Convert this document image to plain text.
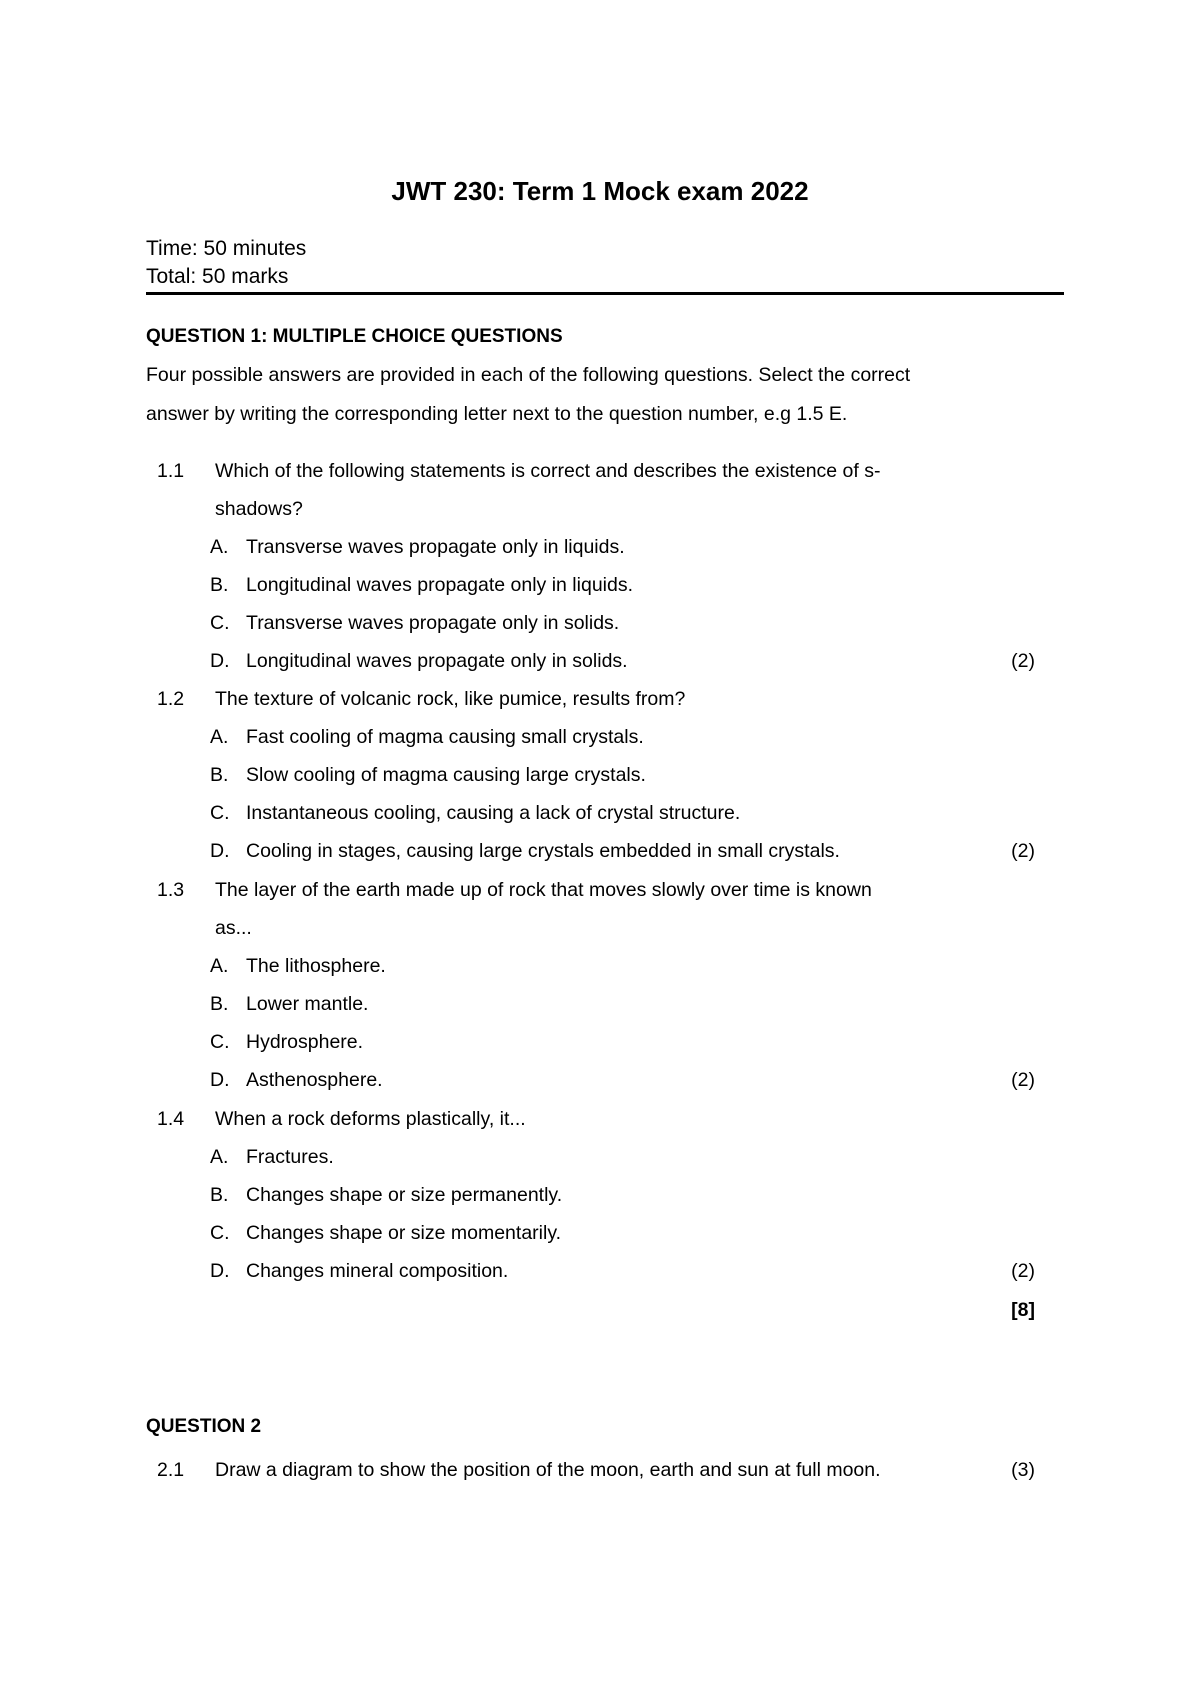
JWT 230: Term 1 Mock exam 2022
Time: 50 minutes
Total: 50 marks
QUESTION 1: MULTIPLE CHOICE QUESTIONS
Four possible answers are provided in each of the following questions. Select the correct
answer by writing the corresponding letter next to the question number, e.g 1.5 E.
1.1 Which of the following statements is correct and describes the existence of s-
shadows?
A. Transverse waves propagate only in liquids.
B. Longitudinal waves propagate only in liquids.
C. Transverse waves propagate only in solids.
D. Longitudinal waves propagate only in solids.	(2)
1.2 The texture of volcanic rock, like pumice, results from?
A. Fast cooling of magma causing small crystals.
B. Slow cooling of magma causing large crystals.
C. Instantaneous cooling, causing a lack of crystal structure.
D. Cooling in stages, causing large crystals embedded in small crystals.	(2)
1.3 The layer of the earth made up of rock that moves slowly over time is known
as...
A. The lithosphere.
B. Lower mantle.
C. Hydrosphere.
D. Asthenosphere.	(2)
1.4 When a rock deforms plastically, it...
A. Fractures.
B. Changes shape or size permanently.
C. Changes shape or size momentarily.
D. Changes mineral composition.	(2)
[8]
QUESTION 2
2.1 Draw a diagram to show the position of the moon, earth and sun at full moon.	(3)
